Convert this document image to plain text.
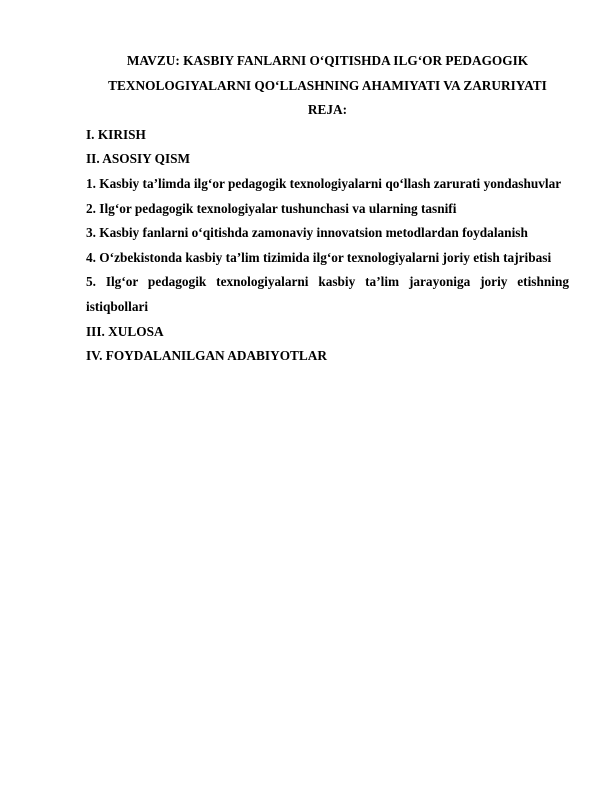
MAVZU: KASBIY FANLARNI O‘QITISHDA ILG‘OR PEDAGOGIK TEXNOLOGIYALARNI QO‘LLASHNING AHAMIYATI VA ZARURIYATI

REJA:

I. KIRISH
II. ASOSIY QISM
1. Kasbiy ta’limda ilg‘or pedagogik texnologiyalarni qo‘llash zarurati yondashuvlar
2. Ilg‘or pedagogik texnologiyalar tushunchasi va ularning tasnifi
3. Kasbiy fanlarni o‘qitishda zamonaviy innovatsion metodlardan foydalanish
4. O‘zbekistonda kasbiy ta’lim tizimida ilg‘or texnologiyalarni joriy etish tajribasi
5. Ilg‘or pedagogik texnologiyalarni kasbiy ta’lim jarayoniga joriy etishning istiqbollari
III. XULOSA
IV. FOYDALANILGAN ADABIYOTLAR
